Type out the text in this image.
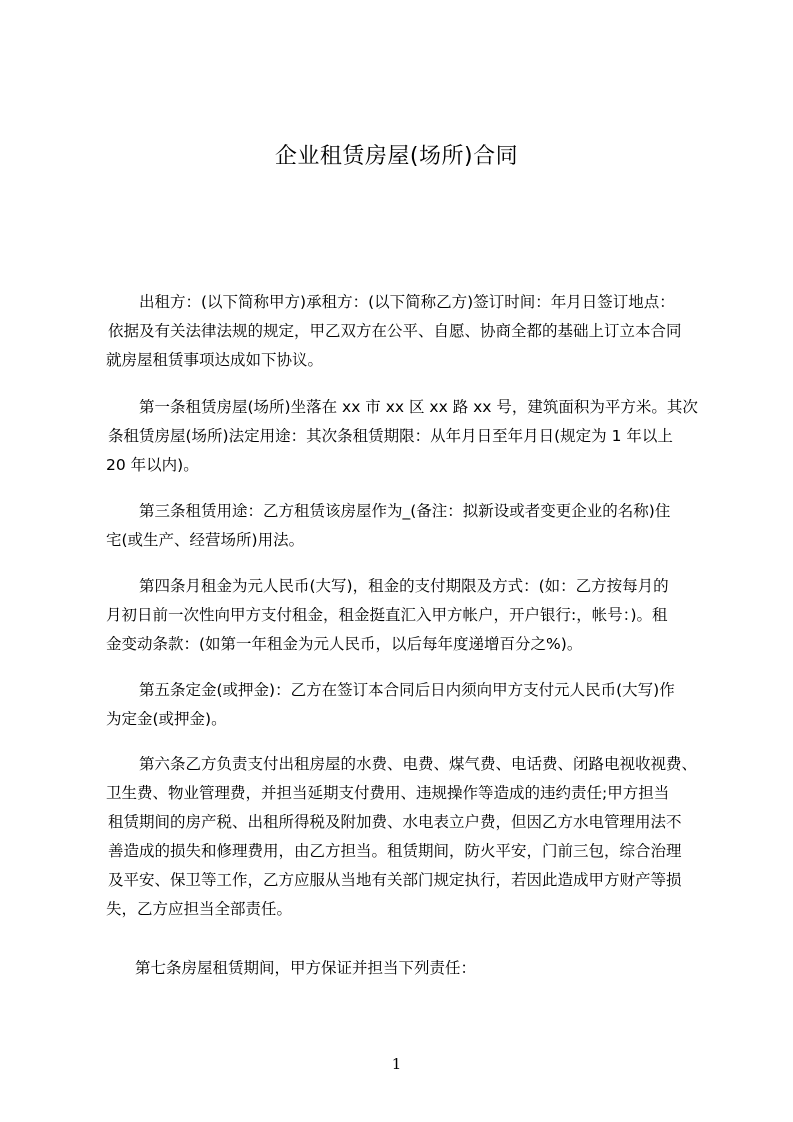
企业租赁房屋(场所)合同
出租方：(以下简称甲方)承租方：(以下简称乙方)签订时间：年月日签订地点：
依据及有关法律法规的规定，甲乙双方在公平、自愿、协商全都的基础上订立本合同
就房屋租赁事项达成如下协议。
第一条租赁房屋(场所)坐落在 xx 市 xx 区 xx 路 xx 号，建筑面积为平方米。其次
条租赁房屋(场所)法定用途：其次条租赁期限：从年月日至年月日(规定为 1 年以上
20 年以内)。
第三条租赁用途：乙方租赁该房屋作为_(备注：拟新设或者变更企业的名称)住
宅(或生产、经营场所)用法。
第四条月租金为元人民币(大写)，租金的支付期限及方式：(如：乙方按每月的
月初日前一次性向甲方支付租金，租金挺直汇入甲方帐户，开户银行:，帐号：)。租
金变动条款：(如第一年租金为元人民币，以后每年度递增百分之%)。
第五条定金(或押金)：乙方在签订本合同后日内须向甲方支付元人民币(大写)作
为定金(或押金)。
第六条乙方负责支付出租房屋的水费、电费、煤气费、电话费、闭路电视收视费、
卫生费、物业管理费，并担当延期支付费用、违规操作等造成的违约责任;甲方担当
租赁期间的房产税、出租所得税及附加费、水电表立户费，但因乙方水电管理用法不
善造成的损失和修理费用，由乙方担当。租赁期间，防火平安，门前三包，综合治理
及平安、保卫等工作，乙方应服从当地有关部门规定执行，若因此造成甲方财产等损
失，乙方应担当全部责任。
第七条房屋租赁期间，甲方保证并担当下列责任：
1
